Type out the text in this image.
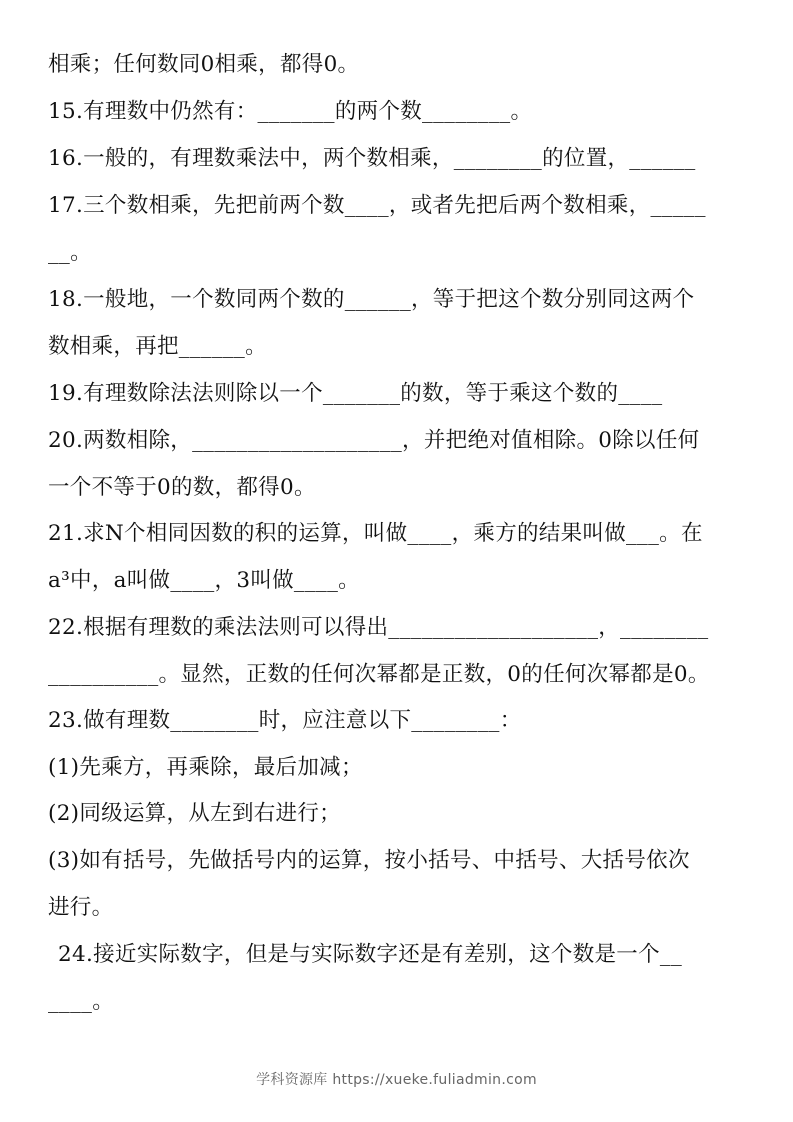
相乘；任何数同0相乘，都得0。
15.有理数中仍然有：_______的两个数________。
16.一般的，有理数乘法中，两个数相乘，________的位置，______
17.三个数相乘，先把前两个数____，或者先把后两个数相乘，_____
__。
18.一般地，一个数同两个数的______，等于把这个数分别同这两个
数相乘，再把______。
19.有理数除法法则除以一个_______的数，等于乘这个数的____
20.两数相除，___________________，并把绝对值相除。0除以任何
一个不等于0的数，都得0。
21.求N个相同因数的积的运算，叫做____，乘方的结果叫做___。在
a³中，a叫做____，3叫做____。
22.根据有理数的乘法法则可以得出___________________，________
__________。显然，正数的任何次幂都是正数，0的任何次幂都是0。
23.做有理数________时，应注意以下________：
(1)先乘方，再乘除，最后加减；
(2)同级运算，从左到右进行；
(3)如有括号，先做括号内的运算，按小括号、中括号、大括号依次
进行。
24.接近实际数字，但是与实际数字还是有差别，这个数是一个__
____。
学科资源库 https://xueke.fuliadmin.com
